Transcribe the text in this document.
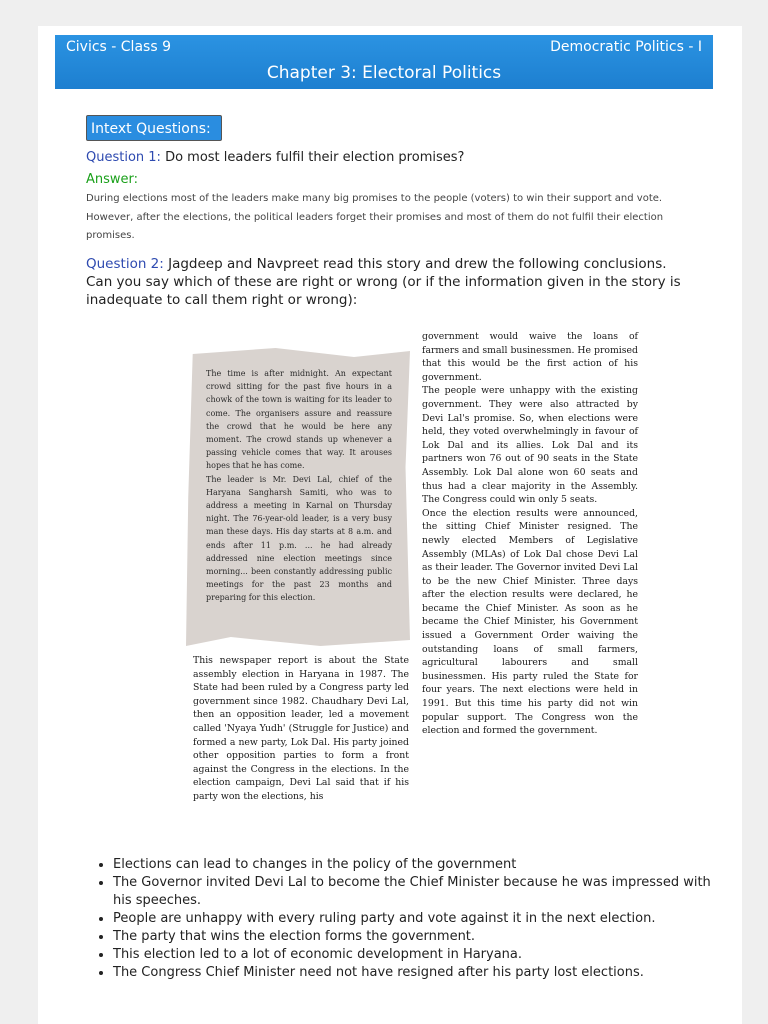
Civics - Class 9	Democratic Politics - I
Chapter 3: Electoral Politics
Intext Questions:
Question 1: Do most leaders fulfil their election promises?
Answer:
During elections most of the leaders make many big promises to the people (voters) to win their support and vote. However, after the elections, the political leaders forget their promises and most of them do not fulfil their election promises.
Question 2: Jagdeep and Navpreet read this story and drew the following conclusions. Can you say which of these are right or wrong (or if the information given in the story is inadequate to call them right or wrong):
The time is after midnight. An expectant crowd sitting for the past five hours in a chowk of the town is waiting for its leader to come. The organisers assure and reassure the crowd that he would be here any moment. The crowd stands up whenever a passing vehicle comes that way. It arouses hopes that he has come.
The leader is Mr. Devi Lal, chief of the Haryana Sangharsh Samiti, who was to address a meeting in Karnal on Thursday night. The 76-year-old leader, is a very busy man these days. His day starts at 8 a.m. and ends after 11 p.m. ... he had already addressed nine election meetings since morning... been constantly addressing public meetings for the past 23 months and preparing for this election.
This newspaper report is about the State assembly election in Haryana in 1987. The State had been ruled by a Congress party led government since 1982. Chaudhary Devi Lal, then an opposition leader, led a movement called 'Nyaya Yudh' (Struggle for Justice) and formed a new party, Lok Dal. His party joined other opposition parties to form a front against the Congress in the elections. In the election campaign, Devi Lal said that if his party won the elections, his
government would waive the loans of farmers and small businessmen. He promised that this would be the first action of his government.
The people were unhappy with the existing government. They were also attracted by Devi Lal's promise. So, when elections were held, they voted overwhelmingly in favour of Lok Dal and its allies. Lok Dal and its partners won 76 out of 90 seats in the State Assembly. Lok Dal alone won 60 seats and thus had a clear majority in the Assembly. The Congress could win only 5 seats.
Once the election results were announced, the sitting Chief Minister resigned. The newly elected Members of Legislative Assembly (MLAs) of Lok Dal chose Devi Lal as their leader. The Governor invited Devi Lal to be the new Chief Minister. Three days after the election results were declared, he became the Chief Minister. As soon as he became the Chief Minister, his Government issued a Government Order waiving the outstanding loans of small farmers, agricultural labourers and small businessmen. His party ruled the State for four years. The next elections were held in 1991. But this time his party did not win popular support. The Congress won the election and formed the government.
• Elections can lead to changes in the policy of the government
• The Governor invited Devi Lal to become the Chief Minister because he was impressed with his speeches.
• People are unhappy with every ruling party and vote against it in the next election.
• The party that wins the election forms the government.
• This election led to a lot of economic development in Haryana.
• The Congress Chief Minister need not have resigned after his party lost elections.
